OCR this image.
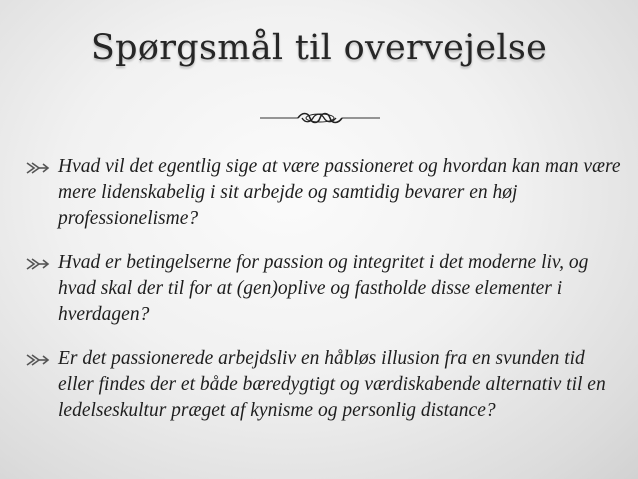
Spørgsmål til overvejelse
Hvad vil det egentlig sige at være passioneret og hvordan kan man være mere lidenskabelig i sit arbejde og samtidig bevarer en høj professionelisme?
Hvad er betingelserne for passion og integritet i det moderne liv, og hvad skal der til for at (gen)oplive og fastholde disse elementer i hverdagen?
Er det passionerede arbejdsliv en håbløs illusion fra en svunden tid eller findes der et både bæredygtigt og værdiskabende alternativ til en ledelseskultur præget af kynisme og personlig distance?
